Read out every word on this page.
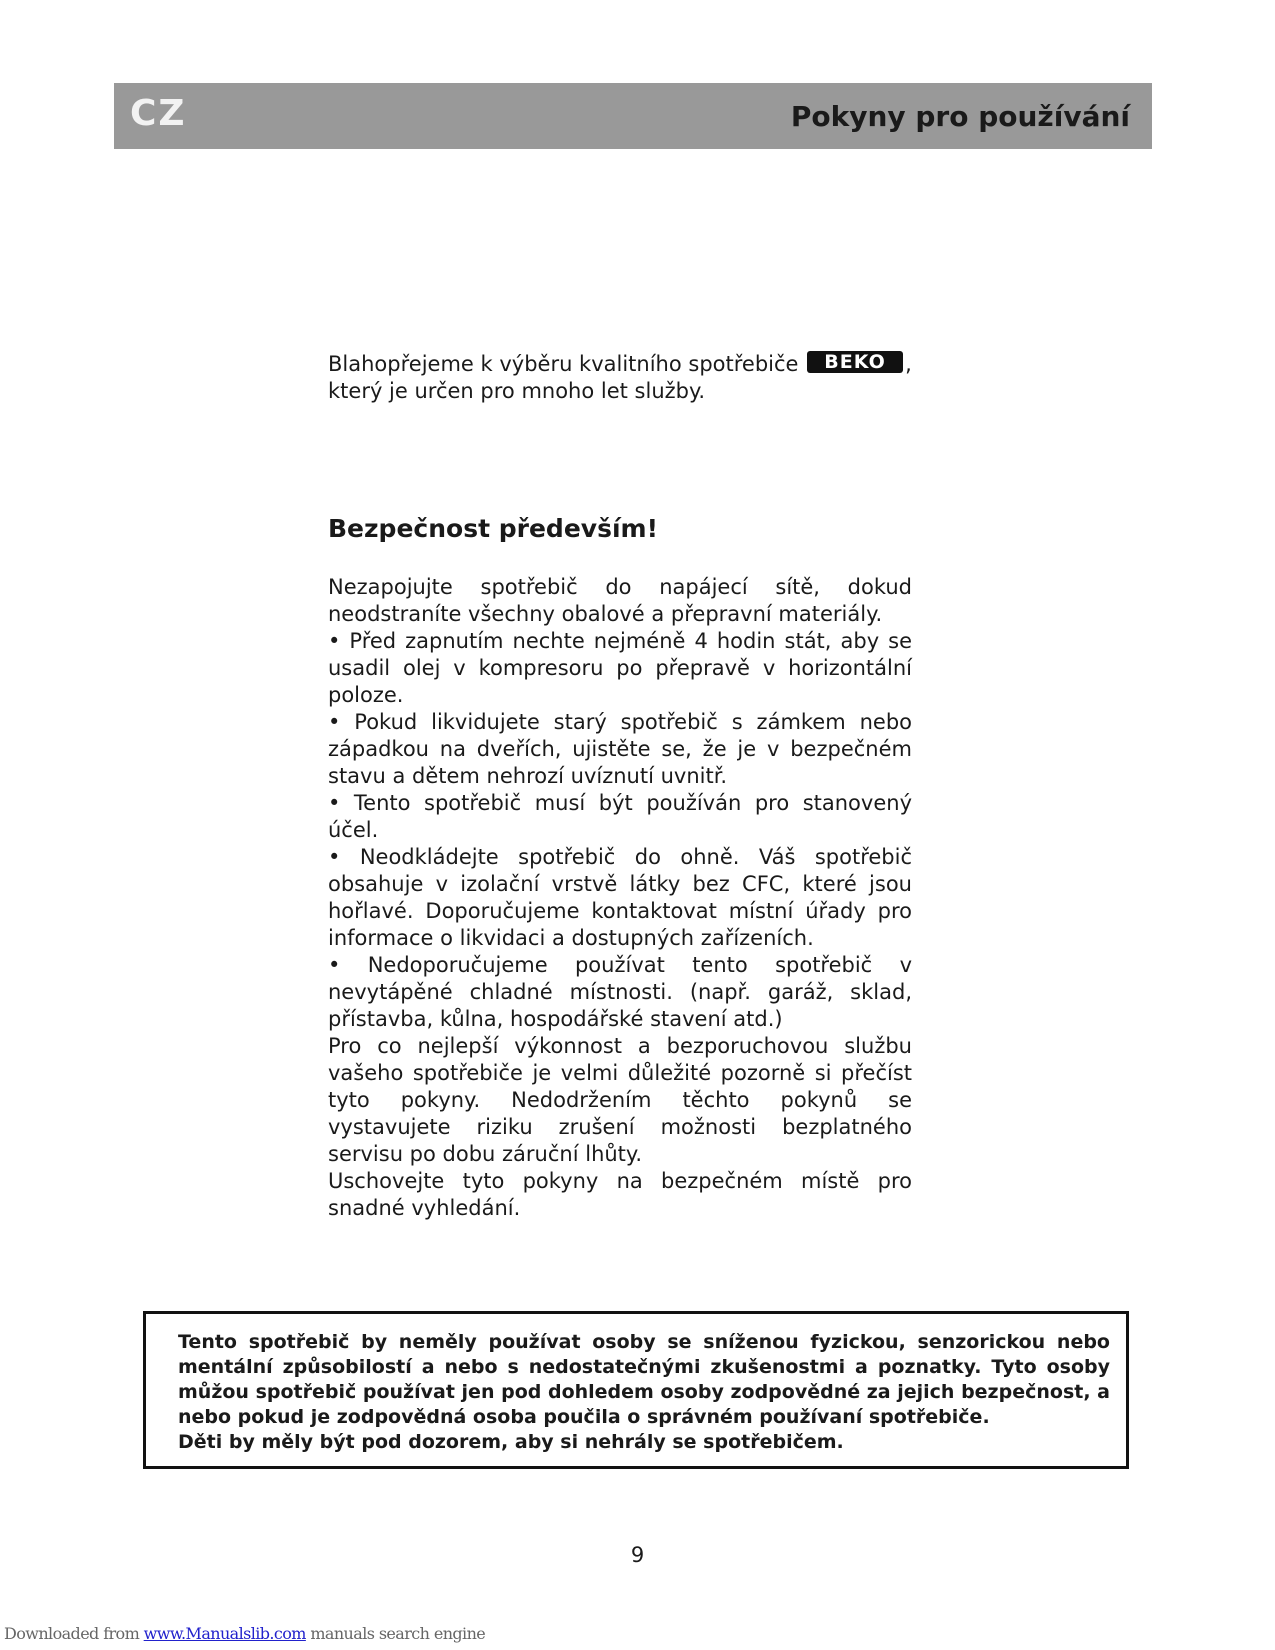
CZ	Pokyny pro používání
Blahopřejeme k výběru kvalitního spotřebiče BEKO ,
který je určen pro mnoho let služby.
Bezpečnost především!

Nezapojujte spotřebič do napájecí sítě, dokud neodstraníte všechny obalové a přepravní materiály.

• Před zapnutím nechte nejméně 4 hodin stát, aby se usadil olej v kompresoru po přepravě v horizontální poloze.

• Pokud likvidujete starý spotřebič s zámkem nebo západkou na dveřích, ujistěte se, že je v bezpečném stavu a dětem nehrozí uvíznutí uvnitř.

• Tento spotřebič musí být používán pro stanovený účel.

• Neodkládejte spotřebič do ohně. Váš spotřebič obsahuje v izolační vrstvě látky bez CFC, které jsou hořlavé. Doporučujeme kontaktovat místní úřady pro informace o likvidaci a dostupných zařízeních.

• Nedoporučujeme používat tento spotřebič v nevytápěné chladné místnosti. (např. garáž, sklad, přístavba, kůlna, hospodářské stavení atd.)

Pro co nejlepší výkonnost a bezporuchovou službu vašeho spotřebiče je velmi důležité pozorně si přečíst tyto pokyny. Nedodržením těchto pokynů se vystavujete riziku zrušení možnosti bezplatného servisu po dobu záruční lhůty.

Uschovejte tyto pokyny na bezpečném místě pro snadné vyhledání.

Tento spotřebič by neměly používat osoby se sníženou fyzickou, senzorickou nebo mentální způsobilostí a nebo s nedostatečnými zkušenostmi a poznatky. Tyto osoby můžou spotřebič používat jen pod dohledem osoby zodpovědné za jejich bezpečnost, a nebo pokud je zodpovědná osoba poučila o správném používaní spotřebiče.

Děti by měly být pod dozorem, aby si nehrály se spotřebičem.

9
Downloaded from www.Manualslib.com manuals search engine
